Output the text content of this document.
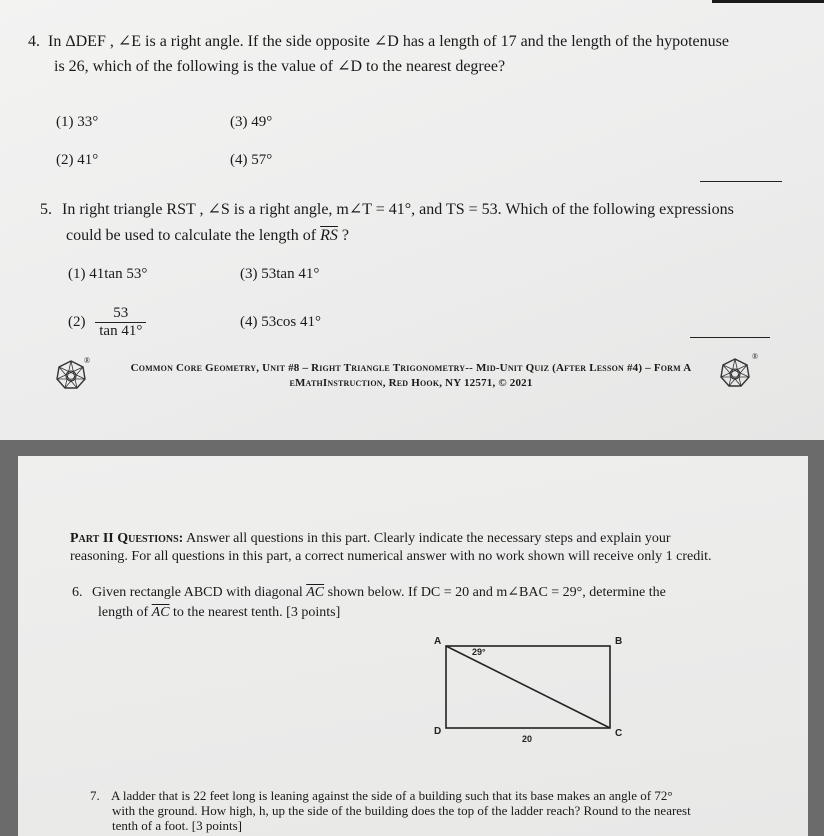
4. In ΔDEF , ∠E is a right angle. If the side opposite ∠D has a length of 17 and the length of the hypotenuse
is 26, which of the following is the value of ∠D to the nearest degree?
(1) 33°	(3) 49°
(2) 41°	(4) 57°
5. In right triangle RST , ∠S is a right angle, m∠T = 41°, and TS = 53. Which of the following expressions
could be used to calculate the length of $\overline{RS}$ ?
(1) 41tan 53°	(3) 53tan 41°
$(2) \frac{53}{\tan 41^\circ}$	(4) 53cos 41°
®
Common Core Geometry, Unit #8 – Right Triangle Trigonometry-- Mid-Unit Quiz (After Lesson #4) – Form A
eMathInstruction, Red Hook, NY 12571, © 2021
®
Part II Questions: Answer all questions in this part. Clearly indicate the necessary steps and explain your
reasoning. For all questions in this part, a correct numerical answer with no work shown will receive only 1 credit.
6. Given rectangle ABCD with diagonal $\overline{AC}$ shown below. If DC = 20 and m∠BAC = 29°, determine the
length of $\overline{AC}$ to the nearest tenth. [3 points]
A	B
C
D
29°
20
7. A ladder that is 22 feet long is leaning against the side of a building such that its base makes an angle of 72°
with the ground. How high, h, up the side of the building does the top of the ladder reach? Round to the nearest
tenth of a foot. [3 points]
